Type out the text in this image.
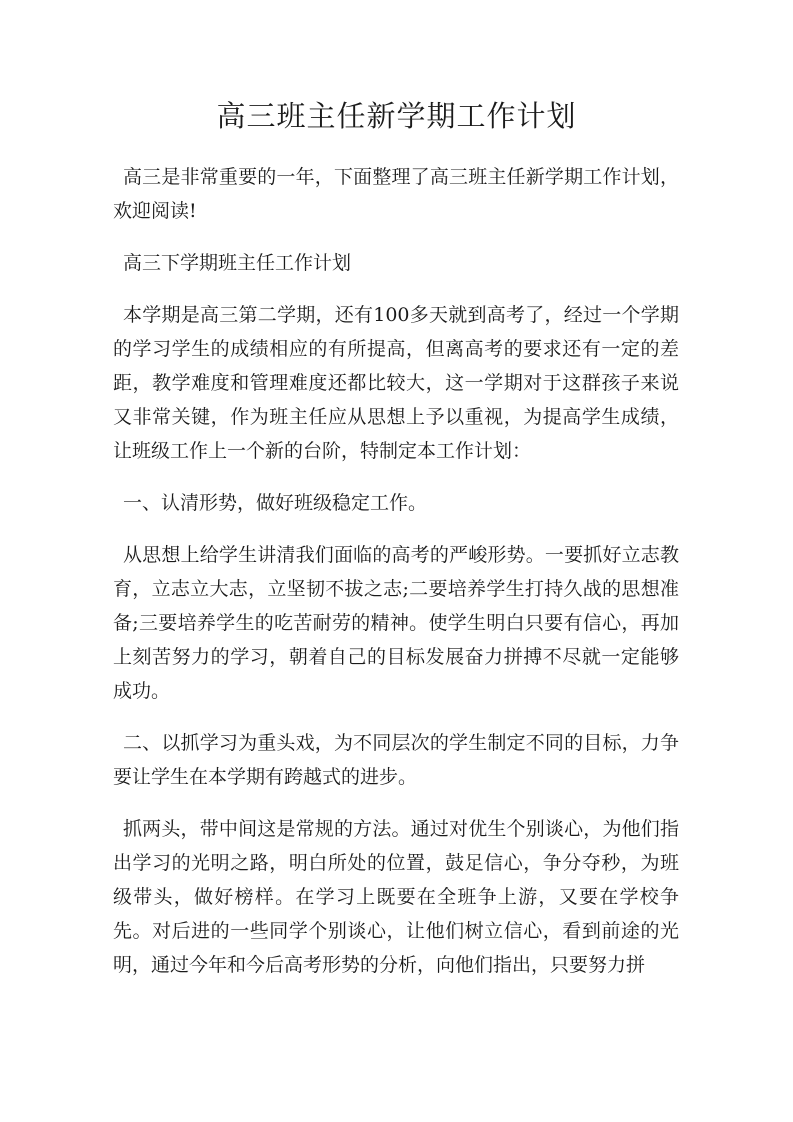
高三班主任新学期工作计划

高三是非常重要的一年，下面整理了高三班主任新学期工作计划，欢迎阅读!

高三下学期班主任工作计划

本学期是高三第二学期，还有100多天就到高考了，经过一个学期的学习学生的成绩相应的有所提高，但离高考的要求还有一定的差距，教学难度和管理难度还都比较大，这一学期对于这群孩子来说又非常关键，作为班主任应从思想上予以重视，为提高学生成绩，让班级工作上一个新的台阶，特制定本工作计划：

一、认清形势，做好班级稳定工作。

从思想上给学生讲清我们面临的高考的严峻形势。一要抓好立志教育，立志立大志，立坚韧不拔之志;二要培养学生打持久战的思想准备;三要培养学生的吃苦耐劳的精神。使学生明白只要有信心，再加上刻苦努力的学习，朝着自己的目标发展奋力拼搏不尽就一定能够成功。

二、以抓学习为重头戏，为不同层次的学生制定不同的目标，力争要让学生在本学期有跨越式的进步。

抓两头，带中间这是常规的方法。通过对优生个别谈心，为他们指出学习的光明之路，明白所处的位置，鼓足信心，争分夺秒，为班级带头，做好榜样。在学习上既要在全班争上游，又要在学校争先。对后进的一些同学个别谈心，让他们树立信心，看到前途的光明，通过今年和今后高考形势的分析，向他们指出，只要努力拼
